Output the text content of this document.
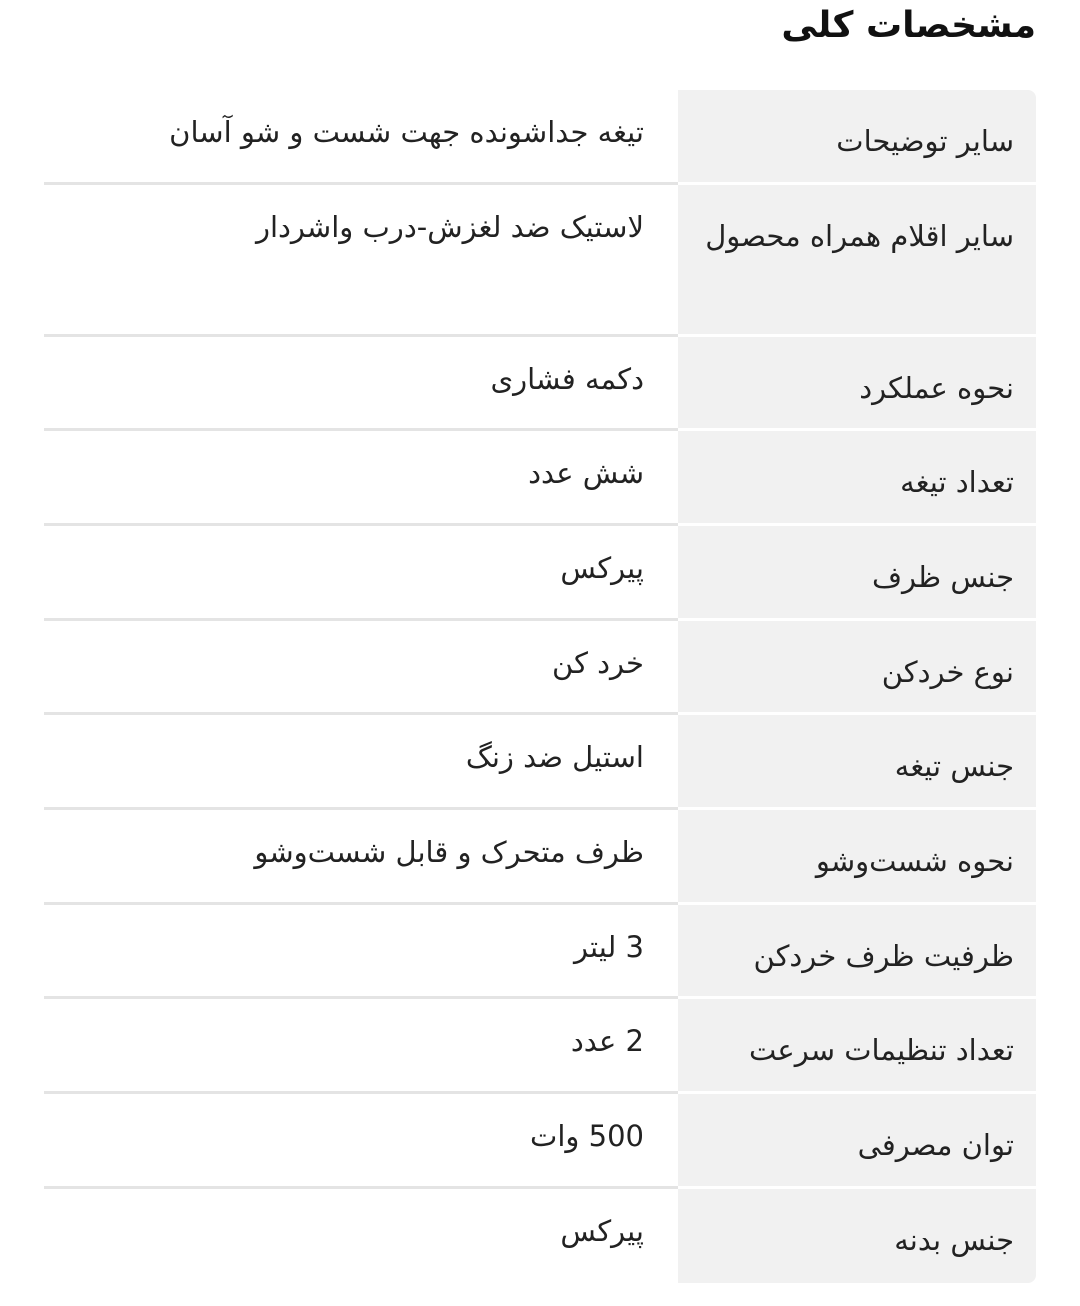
مشخصات کلی
سایر توضیحات
تیغه جداشونده جهت شست و شو آسان
سایر اقلام همراه محصول
لاستیک ضد لغزش-درب واشردار
نحوه عملکرد
دکمه فشاری
تعداد تیغه
شش عدد
جنس ظرف
پیرکس
نوع خردکن
خرد کن
جنس تیغه
استیل ضد زنگ
نحوه شست‌وشو
ظرف متحرک و قابل شست‌وشو
ظرفیت ظرف خردکن
3 لیتر
تعداد تنظیمات سرعت
2 عدد
توان مصرفی
500 وات
جنس بدنه
پیرکس
